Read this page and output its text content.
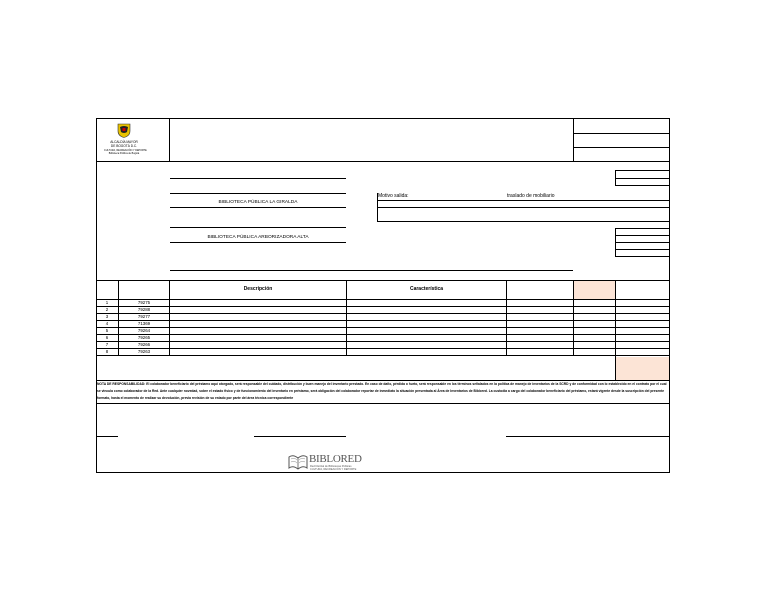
ALCALDÍA MAYOR
DE BOGOTÁ D.C.
CULTURA, RECREACIÓN Y DEPORTE
Biblioteca Pública de Bogotá
BIBLIOTECA PÚBLICA LA GIRALDA
BIBLIOTECA PÚBLICA ARBORIZADORA ALTA
Motivo salida:	traslado de mobiliario
Descripción	Característica
1	79275
2	79288
3	79277
4	71369
5	79264
6	79265
7	79266
8	79263
NOTA DE RESPONSABILIDAD: El colaborador beneficiario del préstamo aquí otorgado, será responsable del cuidado, distribución y buen manejo del inventario prestado. En caso de daño, pérdida o hurto, será responsable en los términos señalados en la política de manejo de inventarios de la SCRD y de conformidad con lo establecido en el contrato por el cual se vincula como colaborador de la Red. Ante cualquier novedad, sobre el estado físico y de funcionamiento del inventario en préstamo, será obligación del colaborador reportar de inmediato la situación presentada al Área de Inventarios de Biblored. La custodia a cargo del colaborador beneficiario del préstamo, estará vigente desde la suscripción del presente formato, hasta el momento de realizar su devolución, previa revisión de su estado por parte del área técnica correspondiente
BIBLORED
Red Distrital de Bibliotecas Públicas
CULTURA, RECREACIÓN Y DEPORTE
